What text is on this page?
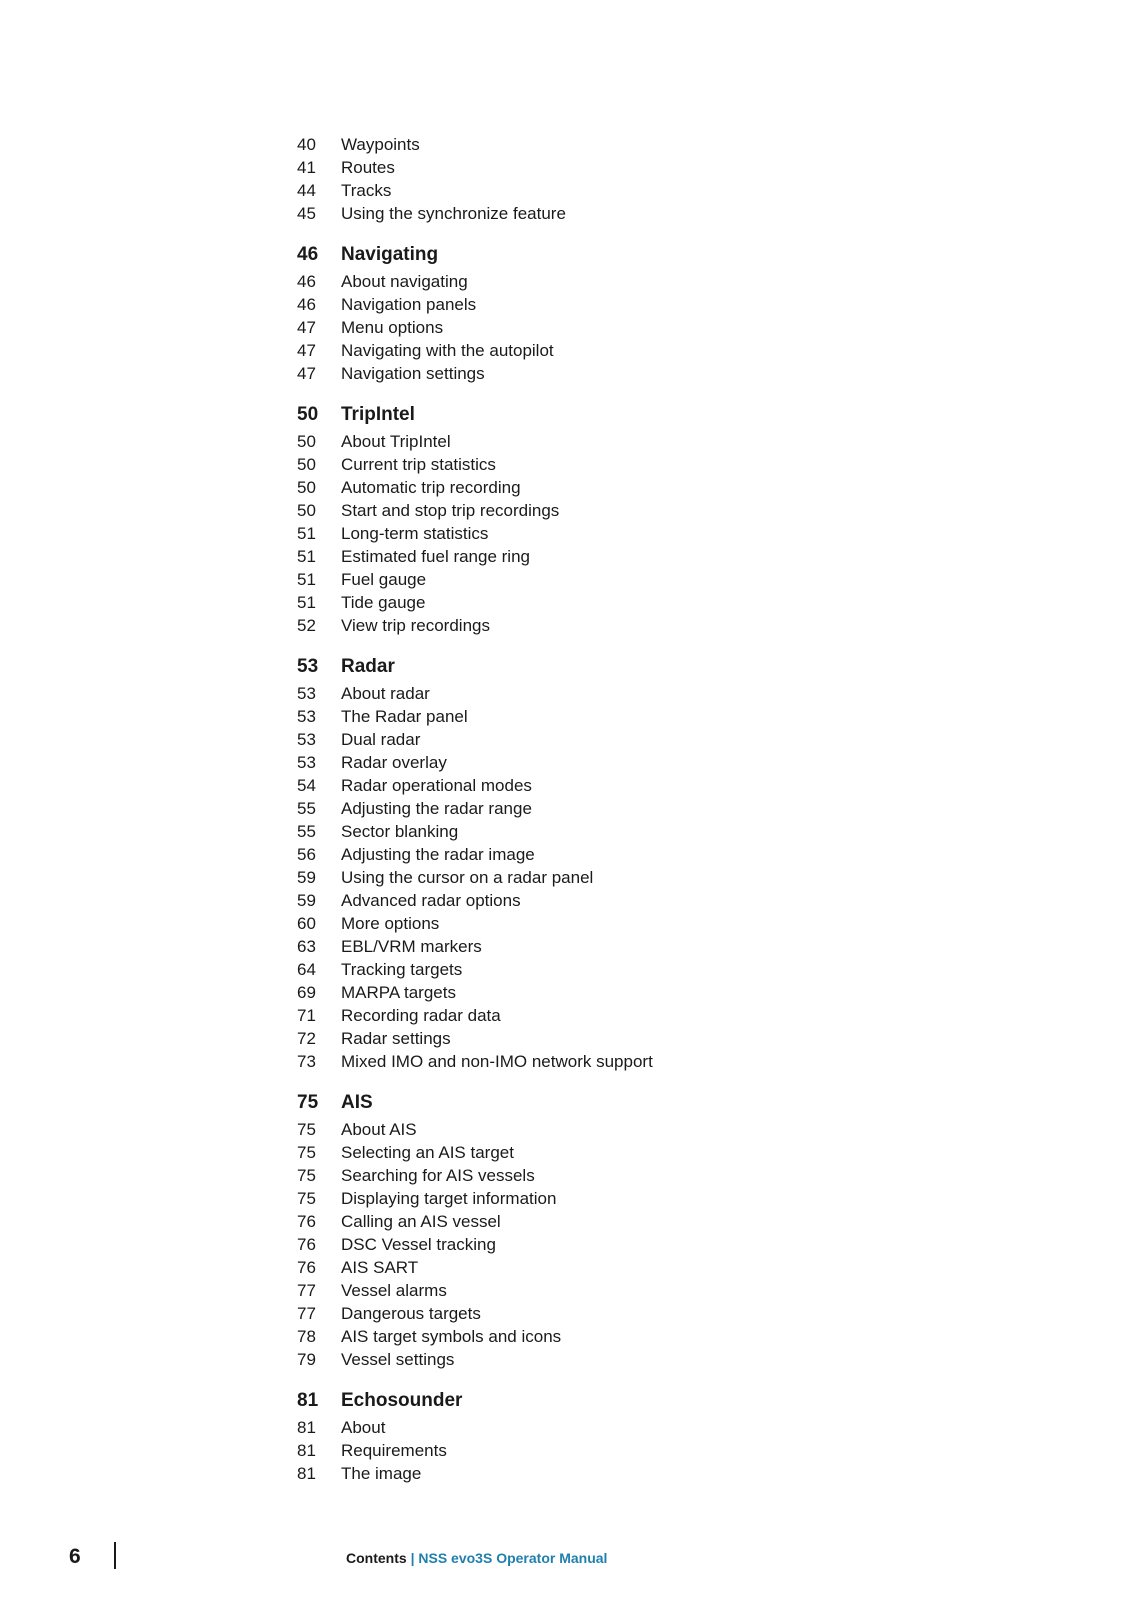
40	Waypoints
41	Routes
44	Tracks
45	Using the synchronize feature
46	Navigating
46	About navigating
46	Navigation panels
47	Menu options
47	Navigating with the autopilot
47	Navigation settings
50	TripIntel
50	About TripIntel
50	Current trip statistics
50	Automatic trip recording
50	Start and stop trip recordings
51	Long-term statistics
51	Estimated fuel range ring
51	Fuel gauge
51	Tide gauge
52	View trip recordings
53	Radar
53	About radar
53	The Radar panel
53	Dual radar
53	Radar overlay
54	Radar operational modes
55	Adjusting the radar range
55	Sector blanking
56	Adjusting the radar image
59	Using the cursor on a radar panel
59	Advanced radar options
60	More options
63	EBL/VRM markers
64	Tracking targets
69	MARPA targets
71	Recording radar data
72	Radar settings
73	Mixed IMO and non-IMO network support
75	AIS
75	About AIS
75	Selecting an AIS target
75	Searching for AIS vessels
75	Displaying target information
76	Calling an AIS vessel
76	DSC Vessel tracking
76	AIS SART
77	Vessel alarms
77	Dangerous targets
78	AIS target symbols and icons
79	Vessel settings
81	Echosounder
81	About
81	Requirements
81	The image
6	Contents | NSS evo3S Operator Manual
